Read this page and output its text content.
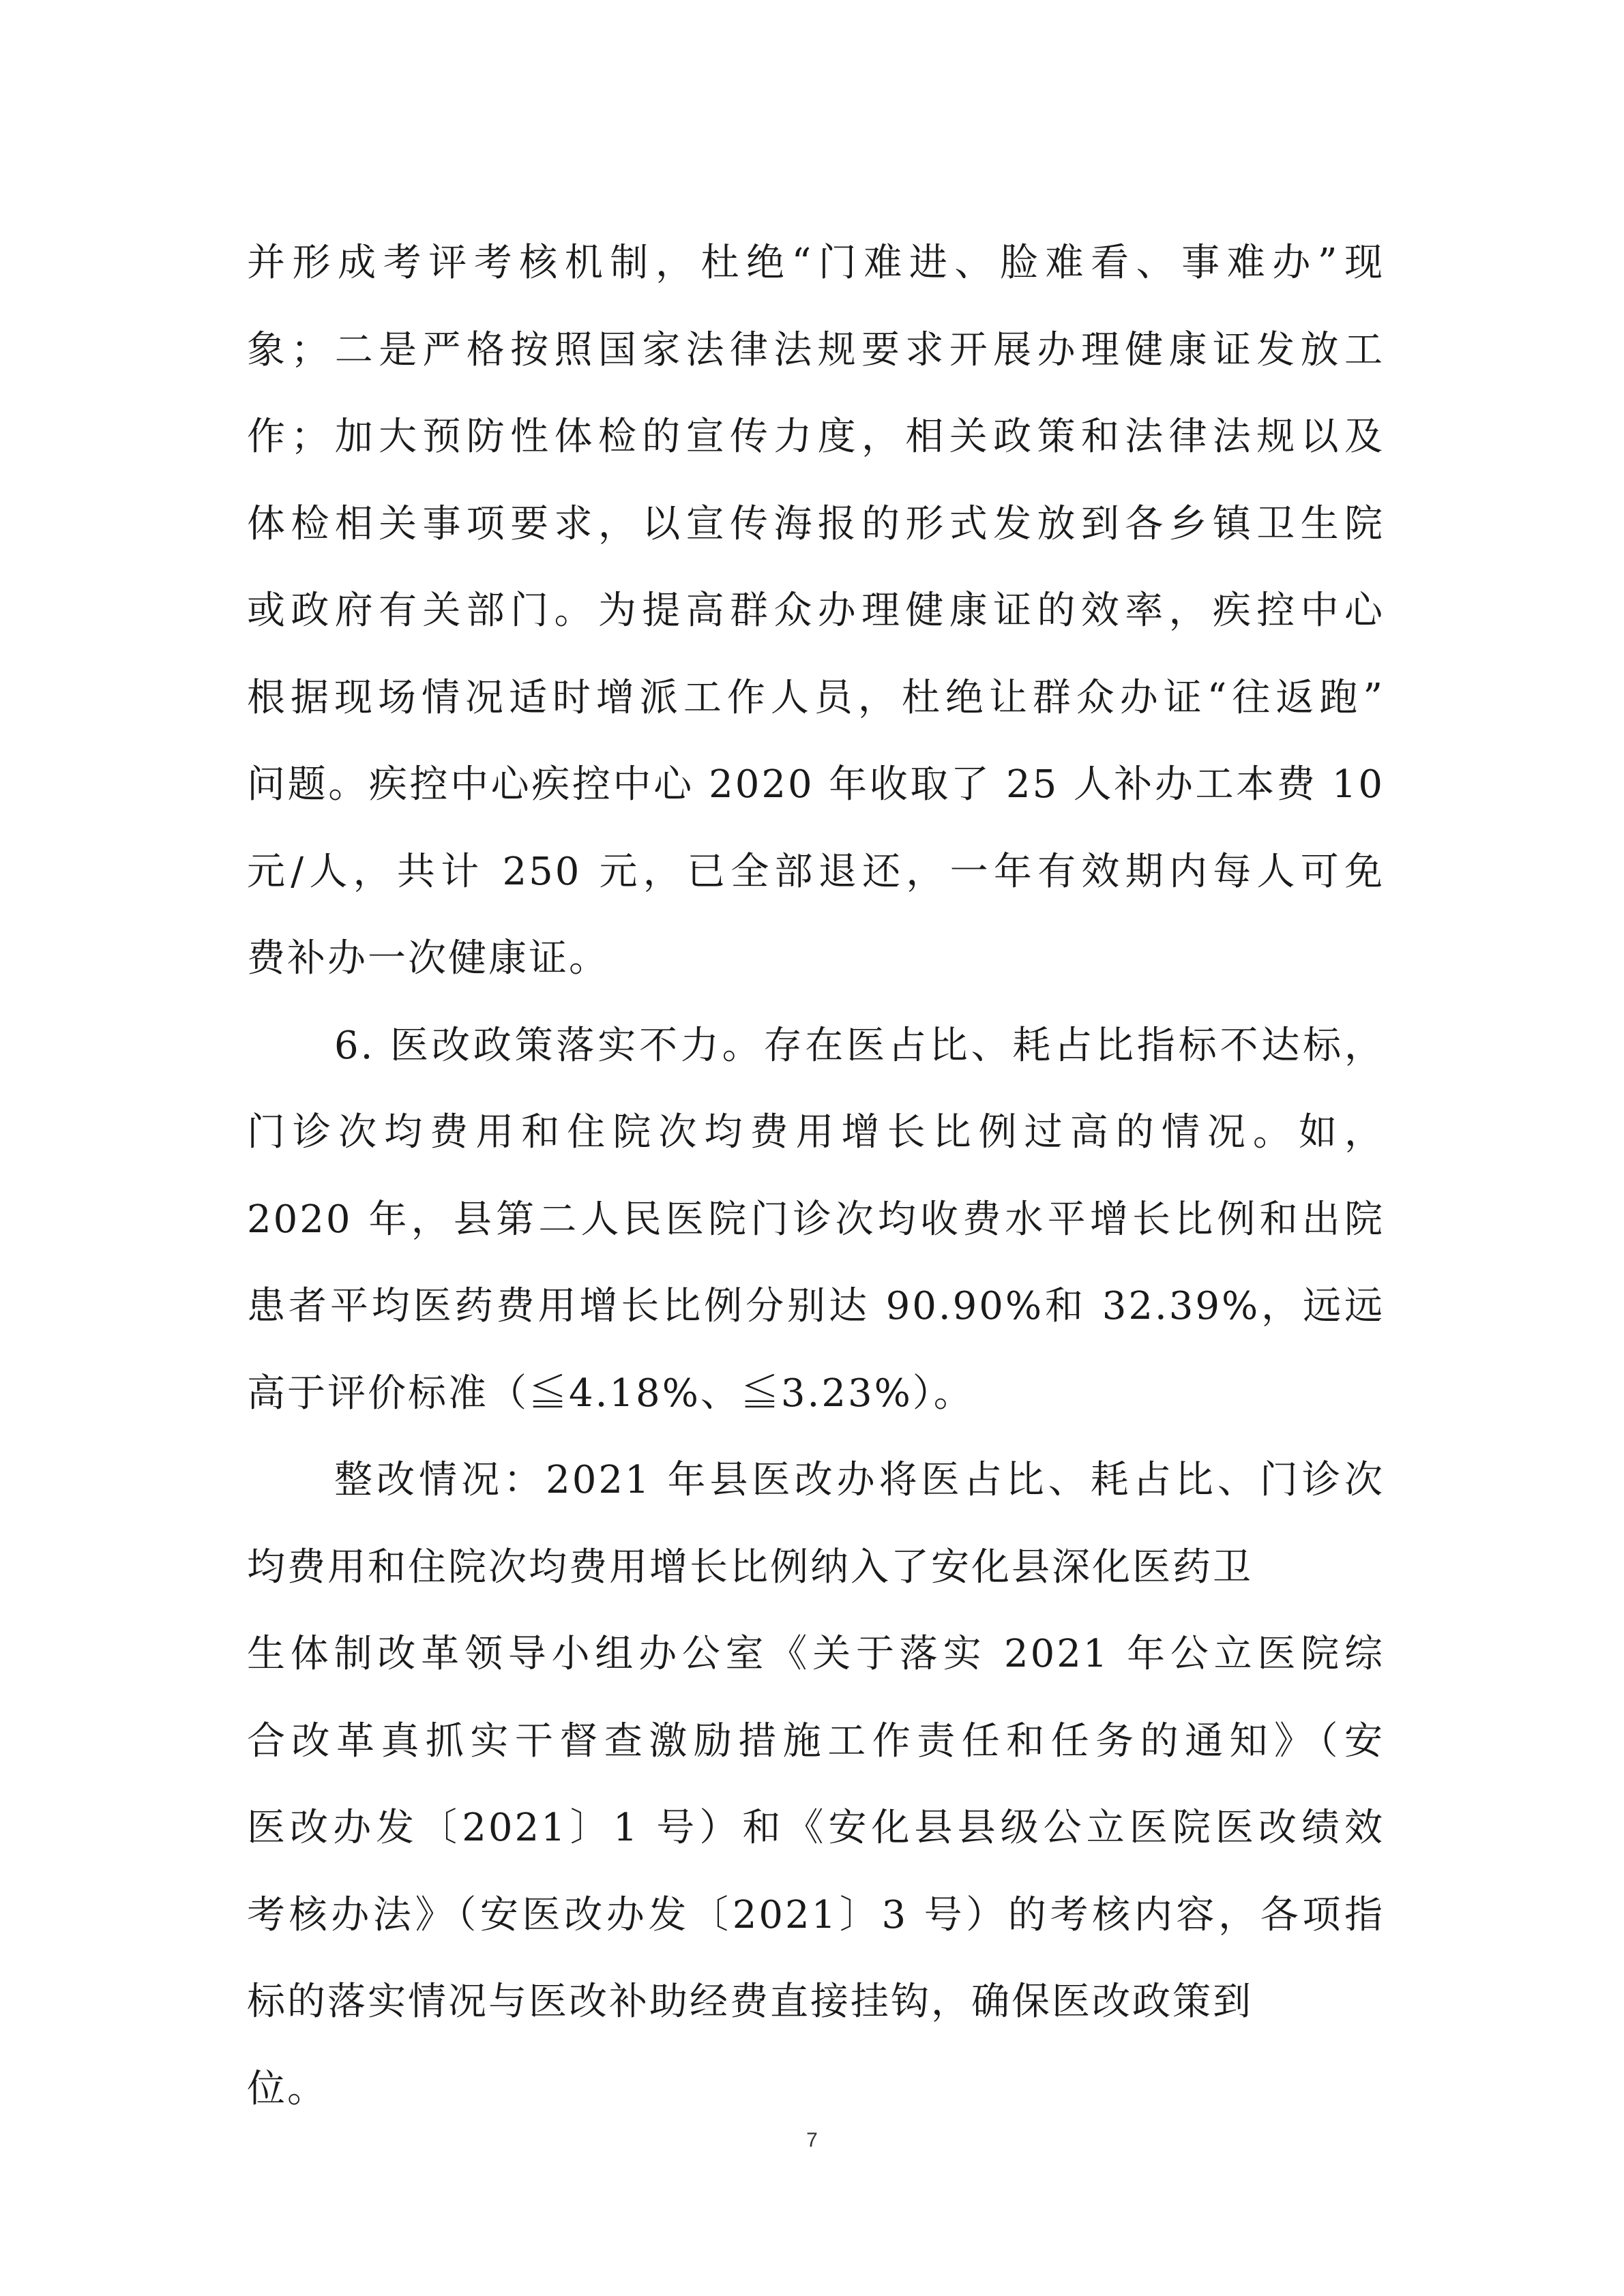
并形成考评考核机制，杜绝“门难进、脸难看、事难办”现
象；二是严格按照国家法律法规要求开展办理健康证发放工
作；加大预防性体检的宣传力度，相关政策和法律法规以及
体检相关事项要求，以宣传海报的形式发放到各乡镇卫生院
或政府有关部门。为提高群众办理健康证的效率，疾控中心
根据现场情况适时增派工作人员，杜绝让群众办证“往返跑”
问题。疾控中心疾控中心 2020 年收取了 25 人补办工本费 10
元/人，共计 250 元，已全部退还，一年有效期内每人可免
费补办一次健康证。
6. 医改政策落实不力。存在医占比、耗占比指标不达标，
门诊次均费用和住院次均费用增长比例过高的情况。如，
2020 年，县第二人民医院门诊次均收费水平增长比例和出院
患者平均医药费用增长比例分别达 90.90%和 32.39%，远远
高于评价标准（≦4.18%、≦3.23%）。
整改情况：2021 年县医改办将医占比、耗占比、门诊次
均费用和住院次均费用增长比例纳入了安化县深化医药卫
生体制改革领导小组办公室《关于落实 2021 年公立医院综
合改革真抓实干督查激励措施工作责任和任务的通知》（安
医改办发〔2021〕1 号）和《安化县县级公立医院医改绩效
考核办法》（安医改办发〔2021〕3 号）的考核内容，各项指
标的落实情况与医改补助经费直接挂钩，确保医改政策到
位。
7
